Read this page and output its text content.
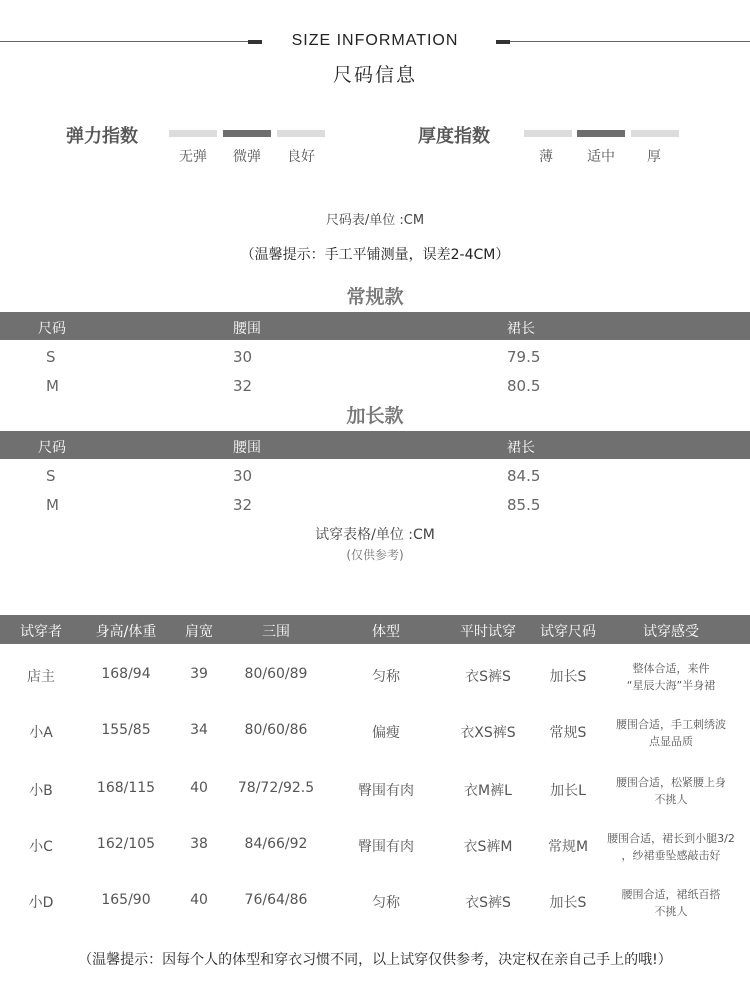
SIZE INFORMATION
尺码信息
弹力指数
无弹	微弹	良好
厚度指数
薄	适中	厚
尺码表/单位 :CM
（温馨提示：手工平铺测量，误差2-4CM）
常规款
尺码	腰围	裙长
S	30	79.5
M	32	80.5
加长款
尺码	腰围	裙长
S	30	84.5
M	32	85.5
试穿表格/单位 :CM
(仅供参考)
试穿者	身高/体重	肩宽	三围	体型	平时试穿	试穿尺码	试穿感受
店主	168/94	39	80/60/89	匀称	衣S裤S	加长S
整体合适，来件
“星辰大海”半身裙
小A	155/85	34	80/60/86	偏瘦	衣XS裤S	常规S
腰围合适，手工刺绣波
点显品质
小B	168/115	40	78/72/92.5	臀围有肉	衣M裤L	加长L
腰围合适，松紧腰上身
不挑人
小C	162/105	38	84/66/92	臀围有肉	衣S裤M	常规M
腰围合适，裙长到小腿3/2
，纱裙垂坠感敲击好
小D	165/90	40	76/64/86	匀称	衣S裤S	加长S
腰围合适，裙纸百搭
不挑人
（温馨提示：因每个人的体型和穿衣习惯不同，以上试穿仅供参考，决定权在亲自己手上的哦!）
